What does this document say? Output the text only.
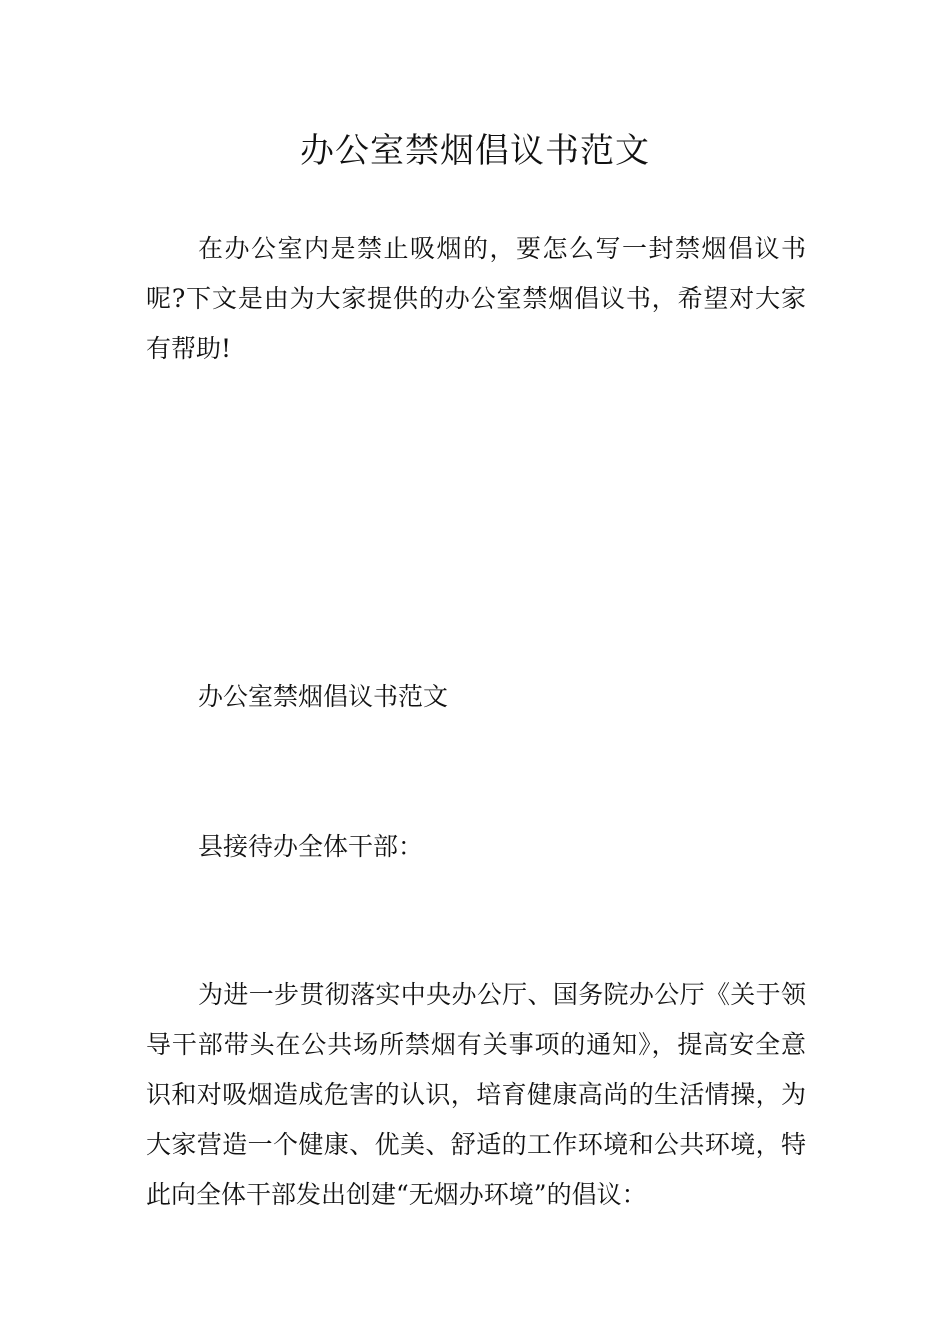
办公室禁烟倡议书范文

在办公室内是禁止吸烟的，要怎么写一封禁烟倡议书呢?下文是由为大家提供的办公室禁烟倡议书，希望对大家有帮助!

办公室禁烟倡议书范文

县接待办全体干部：

为进一步贯彻落实中央办公厅、国务院办公厅《关于领导干部带头在公共场所禁烟有关事项的通知》，提高安全意识和对吸烟造成危害的认识，培育健康高尚的生活情操，为大家营造一个健康、优美、舒适的工作环境和公共环境，特此向全体干部发出创建“无烟办环境”的倡议：
